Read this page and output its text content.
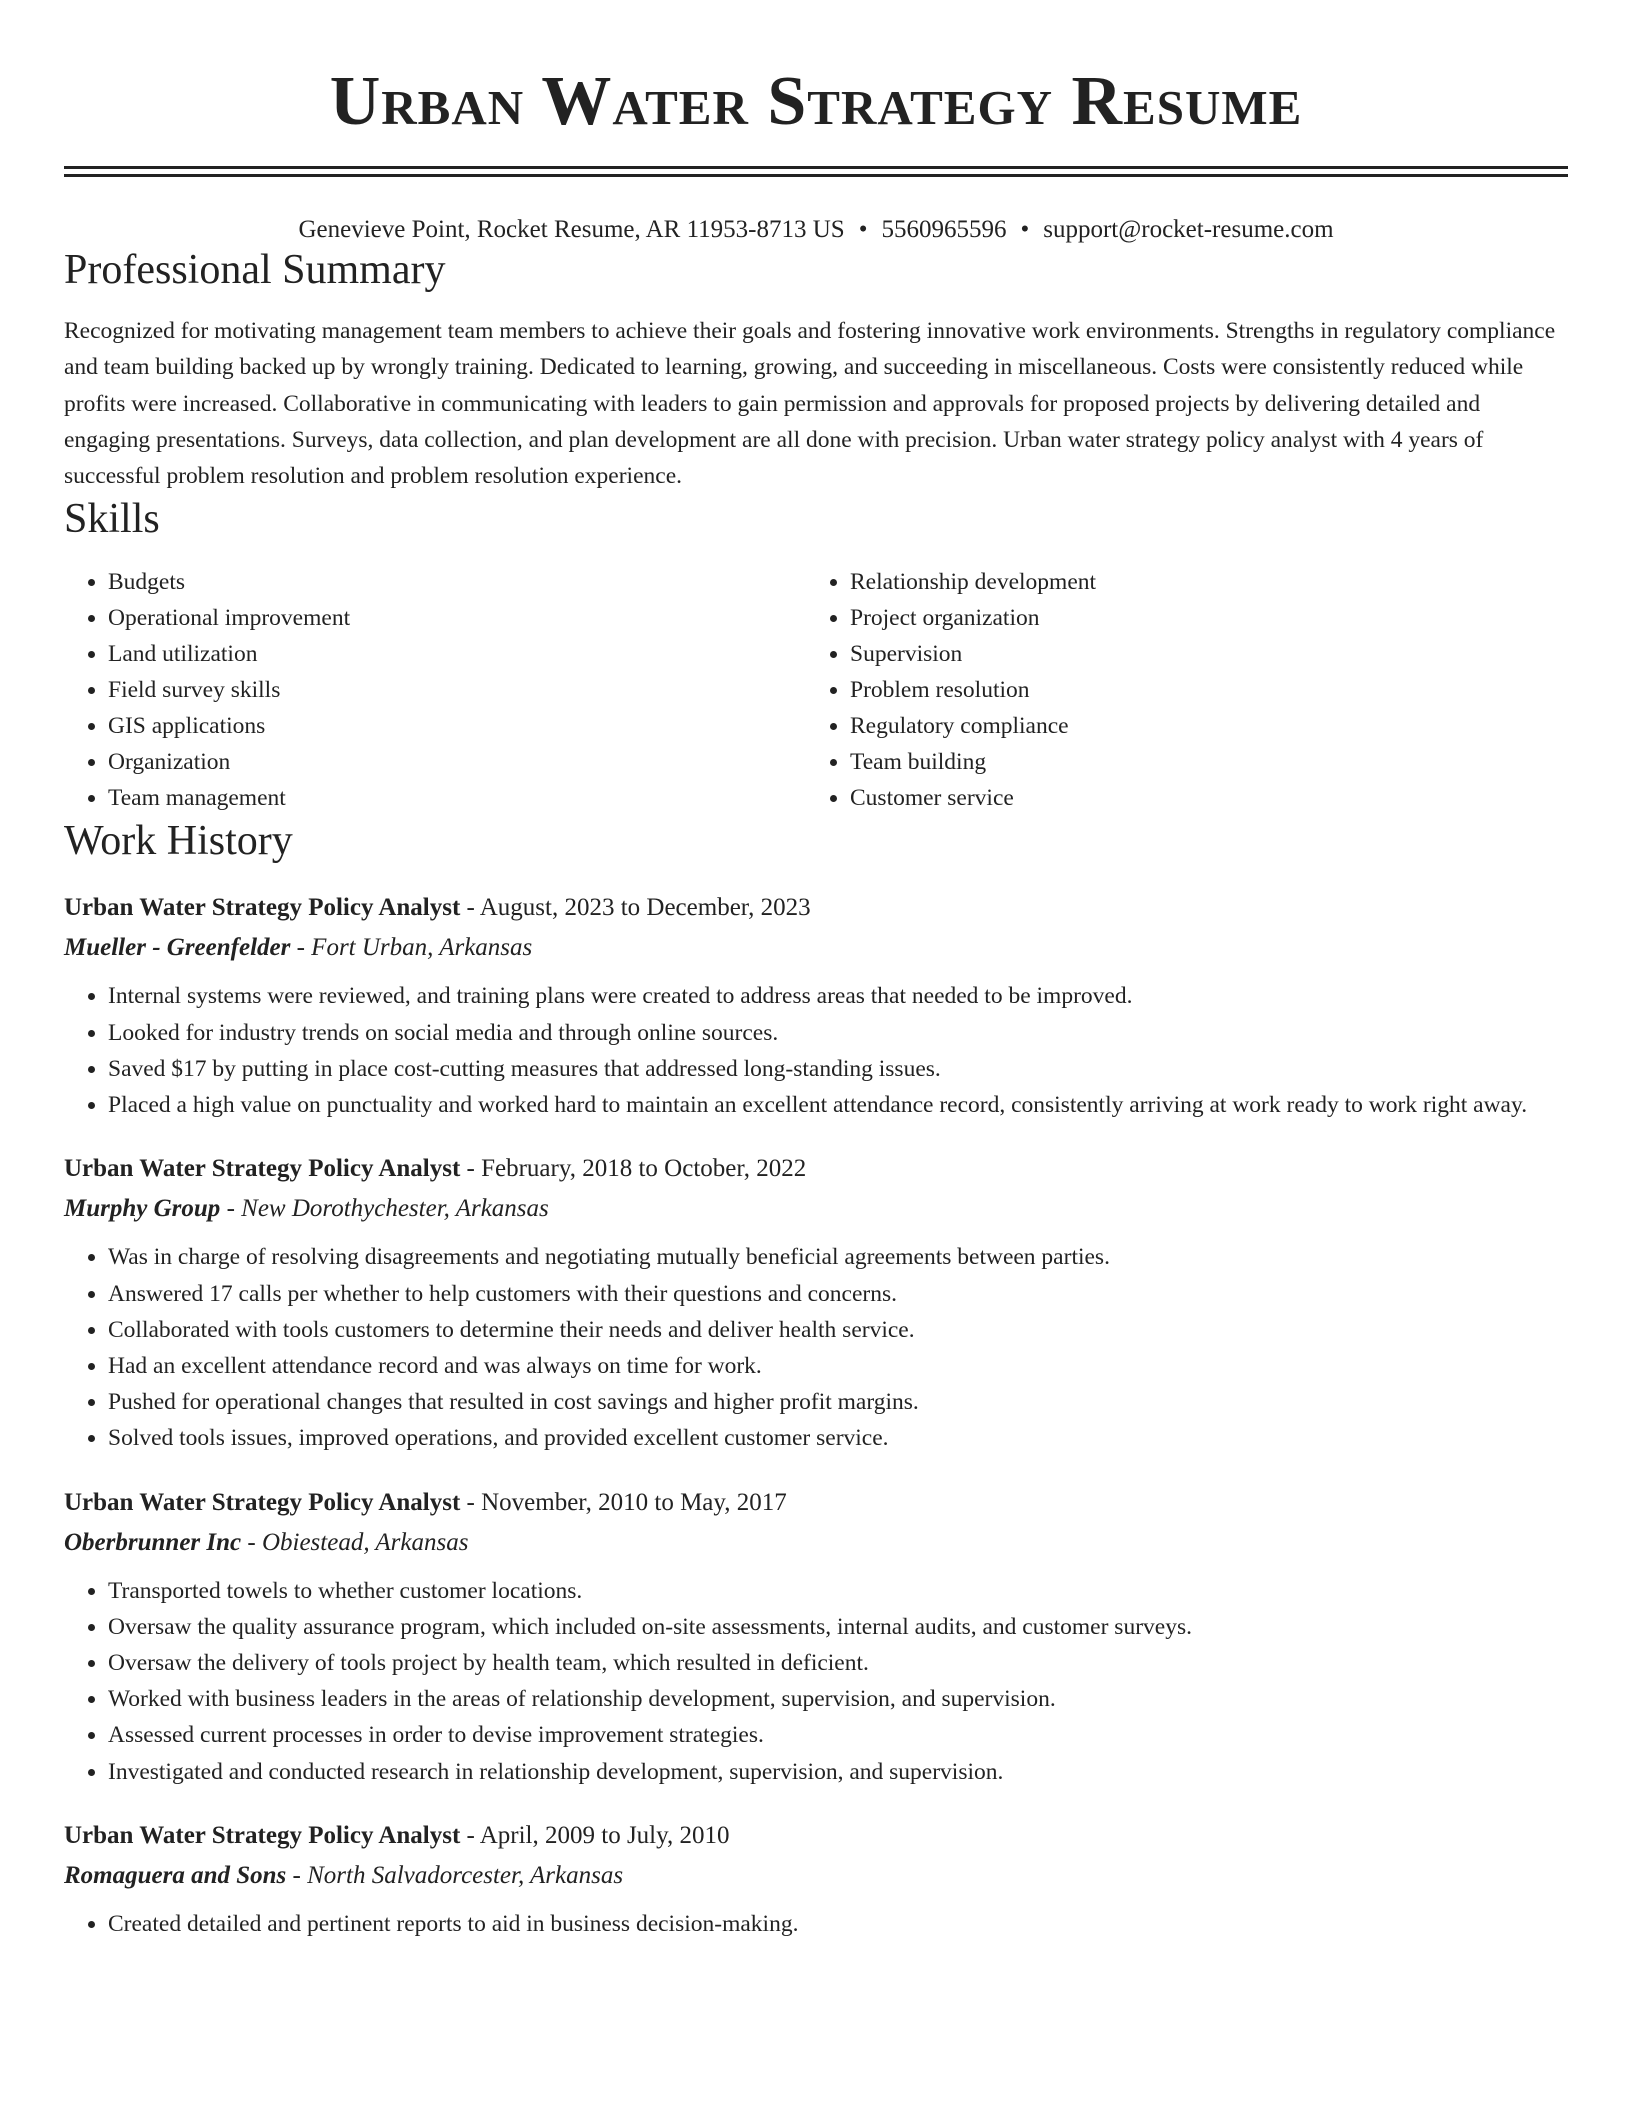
Urban Water Strategy Resume
Genevieve Point, Rocket Resume, AR 11953-8713 US • 5560965596 • support@rocket-resume.com
Professional Summary

Recognized for motivating management team members to achieve their goals and fostering innovative work environments. Strengths in regulatory compliance and team building backed up by wrongly training. Dedicated to learning, growing, and succeeding in miscellaneous. Costs were consistently reduced while profits were increased. Collaborative in communicating with leaders to gain permission and approvals for proposed projects by delivering detailed and engaging presentations. Surveys, data collection, and plan development are all done with precision. Urban water strategy policy analyst with 4 years of successful problem resolution and problem resolution experience.

Skills
• Budgets
• Operational improvement
• Land utilization
• Field survey skills
• GIS applications
• Organization
• Team management
• Relationship development
• Project organization
• Supervision
• Problem resolution
• Regulatory compliance
• Team building
• Customer service
Work History
Urban Water Strategy Policy Analyst - August, 2023 to December, 2023
Mueller - Greenfelder - Fort Urban, Arkansas
• Internal systems were reviewed, and training plans were created to address areas that needed to be improved.
• Looked for industry trends on social media and through online sources.
• Saved $17 by putting in place cost-cutting measures that addressed long-standing issues.
• Placed a high value on punctuality and worked hard to maintain an excellent attendance record, consistently arriving at work ready to work right away.
Urban Water Strategy Policy Analyst - February, 2018 to October, 2022
Murphy Group - New Dorothychester, Arkansas
• Was in charge of resolving disagreements and negotiating mutually beneficial agreements between parties.
• Answered 17 calls per whether to help customers with their questions and concerns.
• Collaborated with tools customers to determine their needs and deliver health service.
• Had an excellent attendance record and was always on time for work.
• Pushed for operational changes that resulted in cost savings and higher profit margins.
• Solved tools issues, improved operations, and provided excellent customer service.
Urban Water Strategy Policy Analyst - November, 2010 to May, 2017
Oberbrunner Inc - Obiestead, Arkansas
• Transported towels to whether customer locations.
• Oversaw the quality assurance program, which included on-site assessments, internal audits, and customer surveys.
• Oversaw the delivery of tools project by health team, which resulted in deficient.
• Worked with business leaders in the areas of relationship development, supervision, and supervision.
• Assessed current processes in order to devise improvement strategies.
• Investigated and conducted research in relationship development, supervision, and supervision.
Urban Water Strategy Policy Analyst - April, 2009 to July, 2010
Romaguera and Sons - North Salvadorcester, Arkansas
• Created detailed and pertinent reports to aid in business decision-making.
